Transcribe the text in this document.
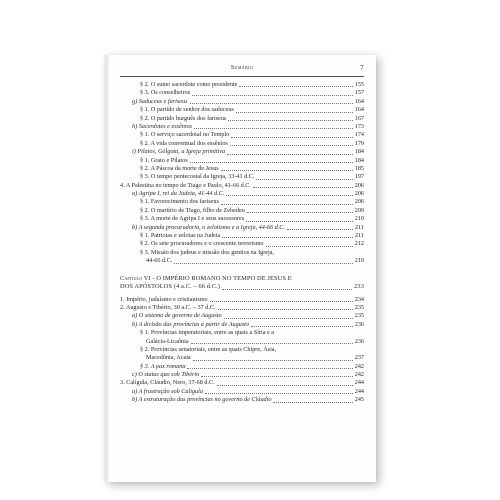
Sumário	7
§ 2. O sumo sacerdote como presidente	155
§ 3. Os conselheiros	157
g) Saduceus e fariseus	164
§ 1. O partido de senhor dos saduceus	164
§ 2. O partido burguês dos fariseus	167
h) Sacerdotes e essênios	173
§ 1. O serviço sacerdotal no Templo	174
§ 2. A vida conventual dos essênios	179
i) Pilatos, Gólgota, a Igreja primitiva	184
§ 1. Grato e Pilatos	184
§ 2. A Páscoa da morte de Jesus	185
§ 3. O tempo pentecostal da Igreja, 33-41 d.C.	197
4. A Palestina no tempo de Tiago e Paulo, 41-66 d.C.	206
a) Agripa I, rei da Judeia, 41-44 d.C.	206
§ 1. Favorecimento dos fariseus	206
§ 2. O martírio de Tiago, filho de Zebedeu	209
§ 3. A morte de Agripa I e seus sucessores	210
b) A segunda procuradoria, o zelotismo e a Igreja, 44-66 d.C.	211
§ 1. Patriotas e zelotas na Judeia	211
§ 2. Os sete procuradores e o crescente terrorismo	212
§ 3. Missão dos judeus e missão dos gentios na Igreja,
44-66 d.C.	219
Capítulo VI - O IMPÉRIO ROMANO NO TEMPO DE JESUS E
DOS APÓSTOLOS (4 a.C. – 66 d.C.)	233
1. Império, judaísmo e cristianismo	234
2. Augusto e Tibério, 30 a.C. – 37 d.C.	235
a) O sistema de governo de Augusto	235
b) A divisão das províncias a partir de Augusto	236
§ 1. Províncias imperatoriais, entre as quais a Síria e a
Galácia-Licaônia	236
§ 2. Províncias senatoriais, entre as quais Chipre, Ásia,
Macedônia, Acaia	237
§ 3. A pax romana	242
c) O status quo sob Tibério	242
3. Calígula, Cláudio, Nero, 37-68 d.C.	244
a) A frustração sob Calígula	244
b) A estruturação das províncias no governo de Cláudio	245
